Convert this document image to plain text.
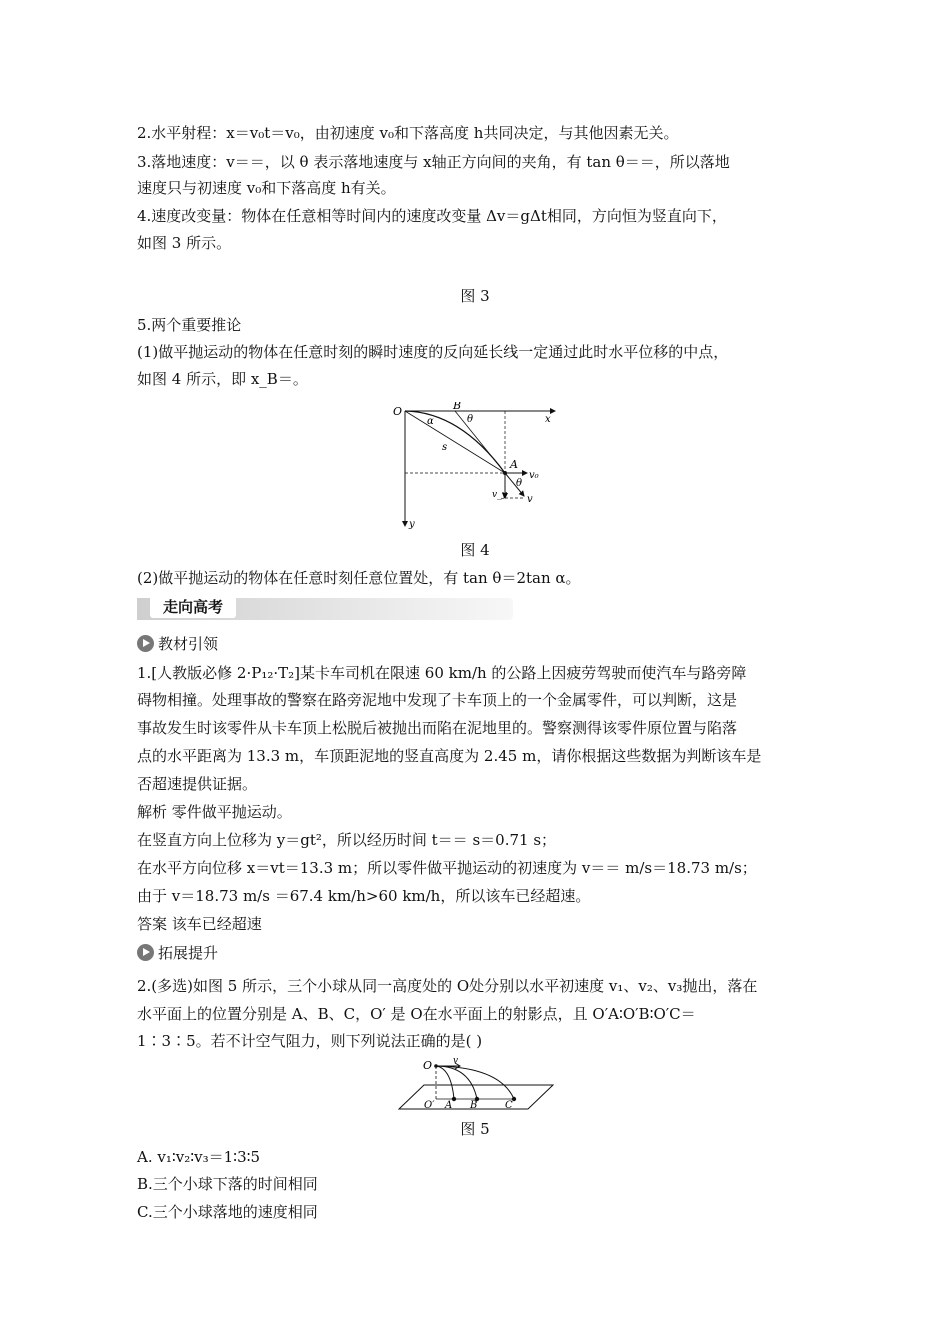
2.水平射程：x＝v₀t＝v₀，由初速度 v₀和下落高度 h共同决定，与其他因素无关。
3.落地速度：v＝＝，以 θ 表示落地速度与 x轴正方向间的夹角，有 tan θ＝＝，所以落地
速度只与初速度 v₀和下落高度 h有关。
4.速度改变量：物体在任意相等时间内的速度改变量 Δv＝gΔt相同，方向恒为竖直向下，
如图 3 所示。
图 3
5.两个重要推论
(1)做平抛运动的物体在任意时刻的瞬时速度的反向延长线一定通过此时水平位移的中点，
如图 4 所示，即 x_B＝。
O	B
θ	x
α
s
A
v₀
θ
v_y v
y
图 4
(2)做平抛运动的物体在任意时刻任意位置处，有 tan θ＝2tan α。
走向高考
教材引领
1.[人教版必修 2·P₁₂·T₂]某卡车司机在限速 60 km/h 的公路上因疲劳驾驶而使汽车与路旁障
碍物相撞。处理事故的警察在路旁泥地中发现了卡车顶上的一个金属零件，可以判断，这是
事故发生时该零件从卡车顶上松脱后被抛出而陷在泥地里的。警察测得该零件原位置与陷落
点的水平距离为 13.3 m，车顶距泥地的竖直高度为 2.45 m，请你根据这些数据为判断该车是
否超速提供证据。
解析 零件做平抛运动。
在竖直方向上位移为 y＝gt²，所以经历时间 t＝＝ s＝0.71 s；
在水平方向位移 x＝vt＝13.3 m；所以零件做平抛运动的初速度为 v＝＝ m/s＝18.73 m/s；
由于 v＝18.73 m/s ＝67.4 km/h>60 km/h，所以该车已经超速。
答案 该车已经超速
拓展提升
2.(多选)如图 5 所示，三个小球从同一高度处的 O处分别以水平初速度 v₁、v₂、v₃抛出，落在
水平面上的位置分别是 A、B、C，O′ 是 O在水平面上的射影点，且 O′A∶O′B∶O′C＝
1∶3∶5。若不计空气阻力，则下列说法正确的是( )
O v
O′ A B	C
图 5
A. v₁∶v₂∶v₃＝1∶3∶5
B.三个小球下落的时间相同
C.三个小球落地的速度相同
